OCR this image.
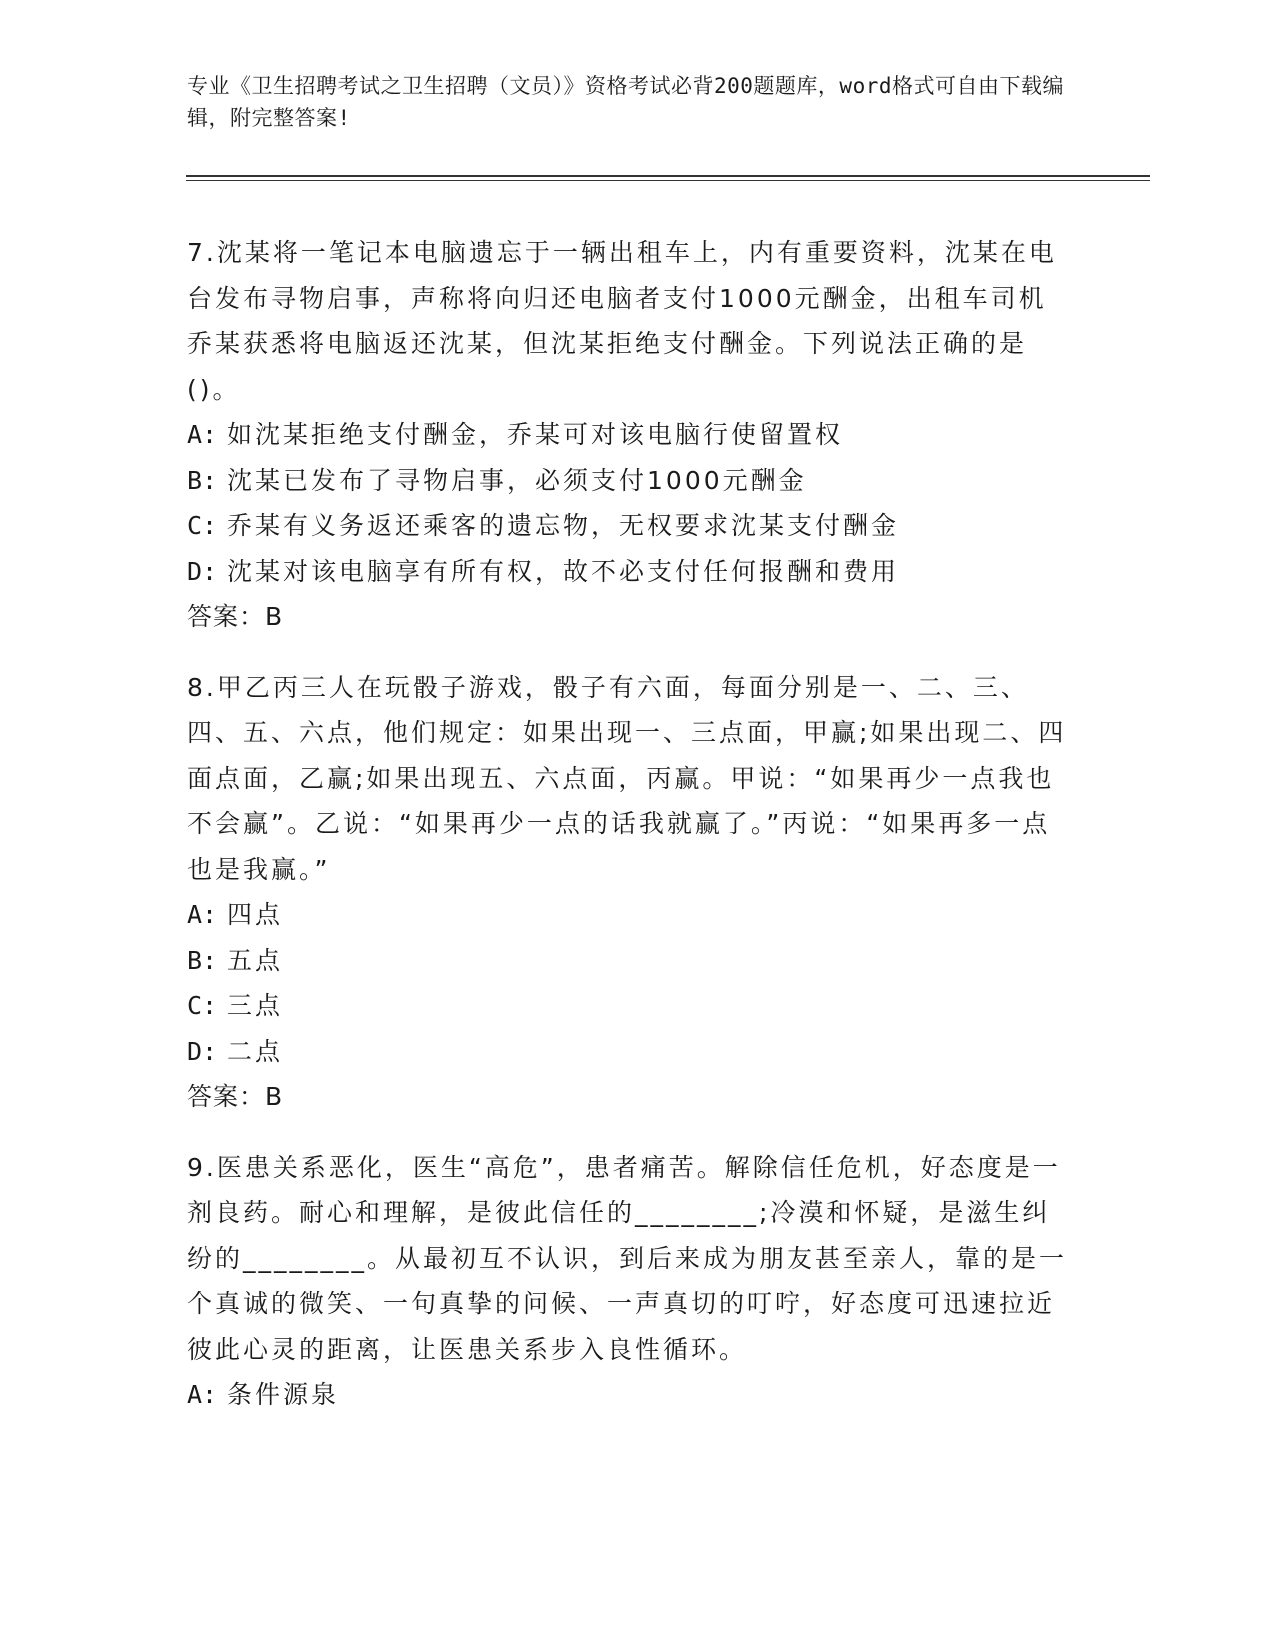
专业《卫生招聘考试之卫生招聘（文员）》资格考试必背200题题库，word格式可自由下载编辑，附完整答案!
7.沈某将一笔记本电脑遗忘于一辆出租车上，内有重要资料，沈某在电台发布寻物启事，声称将向归还电脑者支付1000元酬金，出租车司机乔某获悉将电脑返还沈某，但沈某拒绝支付酬金。下列说法正确的是()。
A: 如沈某拒绝支付酬金，乔某可对该电脑行使留置权
B: 沈某已发布了寻物启事，必须支付1000元酬金
C: 乔某有义务返还乘客的遗忘物，无权要求沈某支付酬金
D: 沈某对该电脑享有所有权，故不必支付任何报酬和费用
答案：B
8.甲乙丙三人在玩骰子游戏，骰子有六面，每面分别是一、二、三、四、五、六点，他们规定：如果出现一、三点面，甲赢;如果出现二、四面点面，乙赢;如果出现五、六点面，丙赢。甲说：“如果再少一点我也不会赢”。乙说：“如果再少一点的话我就赢了。”丙说：“如果再多一点也是我赢。”
A: 四点
B: 五点
C: 三点
D: 二点
答案：B
9.医患关系恶化，医生“高危”，患者痛苦。解除信任危机，好态度是一剂良药。耐心和理解，是彼此信任的________;冷漠和怀疑，是滋生纠纷的________。从最初互不认识，到后来成为朋友甚至亲人，靠的是一个真诚的微笑、一句真挚的问候、一声真切的叮咛，好态度可迅速拉近彼此心灵的距离，让医患关系步入良性循环。
A: 条件源泉
